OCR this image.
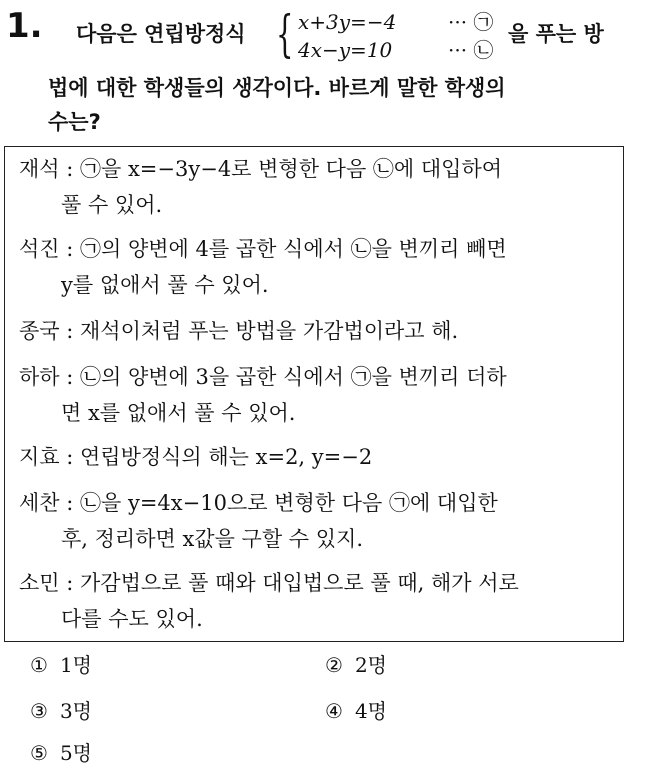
1. 다음은 연립방정식 { x+3y=−4	··· ㉠
4x−y=10	··· ㉡
을 푸는 방
법에 대한 학생들의 생각이다. 바르게 말한 학생의
수는?
재석 : ㉠을 x=−3y−4로 변형한 다음 ㉡에 대입하여
풀 수 있어.
석진 : ㉠의 양변에 4를 곱한 식에서 ㉡을 변끼리 빼면
y를 없애서 풀 수 있어.
종국 : 재석이처럼 푸는 방법을 가감법이라고 해.
하하 : ㉡의 양변에 3을 곱한 식에서 ㉠을 변끼리 더하
면 x를 없애서 풀 수 있어.
지효 : 연립방정식의 해는 x=2, y=−2
세찬 : ㉡을 y=4x−10으로 변형한 다음 ㉠에 대입한
후, 정리하면 x값을 구할 수 있지.
소민 : 가감법으로 풀 때와 대입법으로 풀 때, 해가 서로
다를 수도 있어.
① 1명	② 2명
③ 3명	④ 4명
⑤ 5명
